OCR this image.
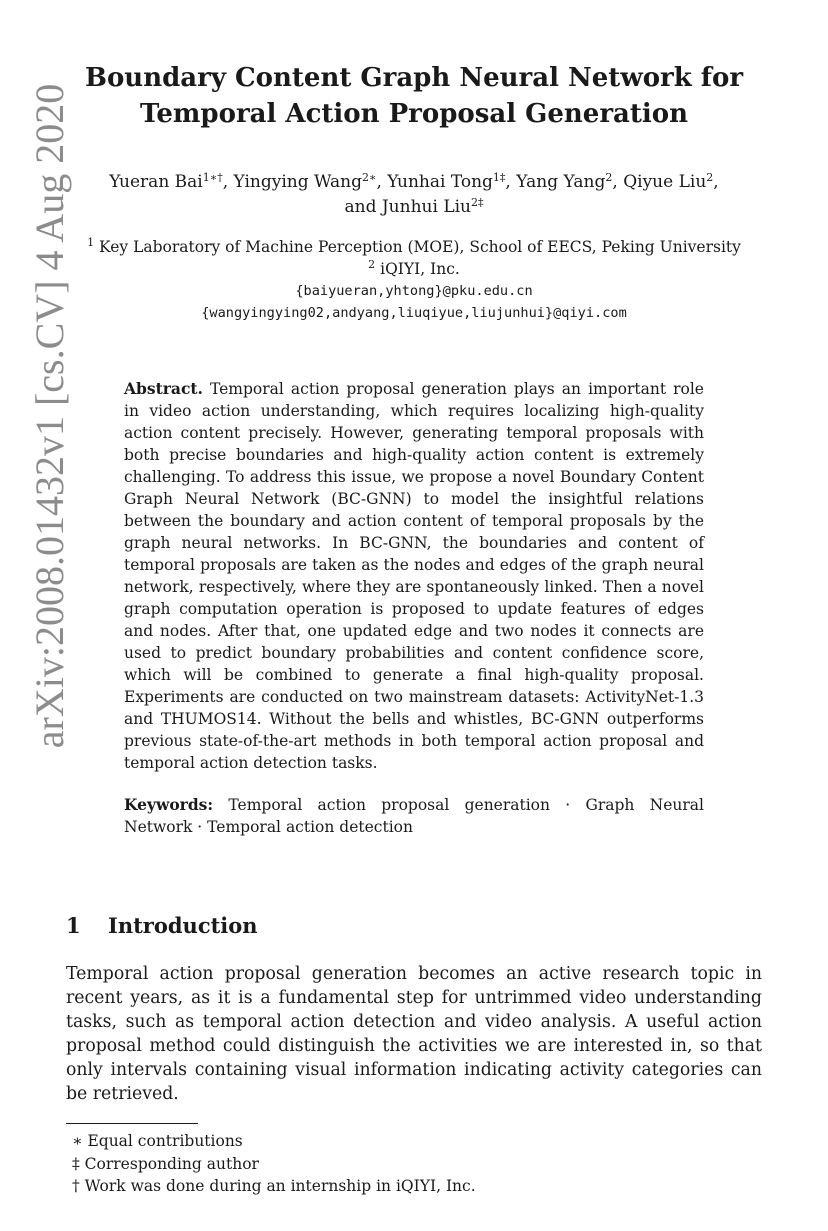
arXiv:2008.01432v1 [cs.CV] 4 Aug 2020
Boundary Content Graph Neural Network for
Temporal Action Proposal Generation
Yueran Bai$^{1∗\dagger}$, Yingying Wang$^{2∗}$, Yunhai Tong$^{1\ddagger}$, Yang Yang$^2$, Qiyue Liu$^2$,
and Junhui Liu$^{2\ddagger}$
$^1$ Key Laboratory of Machine Perception (MOE), School of EECS, Peking University
$^2$ iQIYI, Inc.
{baiyueran,yhtong}@pku.edu.cn
{wangyingying02,andyang,liuqiyue,liujunhui}@qiyi.com
Abstract. Temporal action proposal generation plays an important role in video action understanding, which requires localizing high-quality action content precisely. However, generating temporal proposals with both precise boundaries and high-quality action content is extremely challenging. To address this issue, we propose a novel Boundary Content Graph Neural Network (BC-GNN) to model the insightful relations between the boundary and action content of temporal proposals by the graph neural networks. In BC-GNN, the boundaries and content of temporal proposals are taken as the nodes and edges of the graph neural network, respectively, where they are spontaneously linked. Then a novel graph computation operation is proposed to update features of edges and nodes. After that, one updated edge and two nodes it connects are used to predict boundary probabilities and content confidence score, which will be combined to generate a final high-quality proposal. Experiments are conducted on two mainstream datasets: ActivityNet-1.3 and THUMOS14. Without the bells and whistles, BC-GNN outperforms previous state-of-the-art methods in both temporal action proposal and temporal action detection tasks.
Keywords: Temporal action proposal generation · Graph Neural Network · Temporal action detection
1 Introduction

Temporal action proposal generation becomes an active research topic in recent years, as it is a fundamental step for untrimmed video understanding tasks, such as temporal action detection and video analysis. A useful action proposal method could distinguish the activities we are interested in, so that only intervals containing visual information indicating activity categories can be retrieved.

∗ Equal contributions
‡ Corresponding author
† Work was done during an internship in iQIYI, Inc.
